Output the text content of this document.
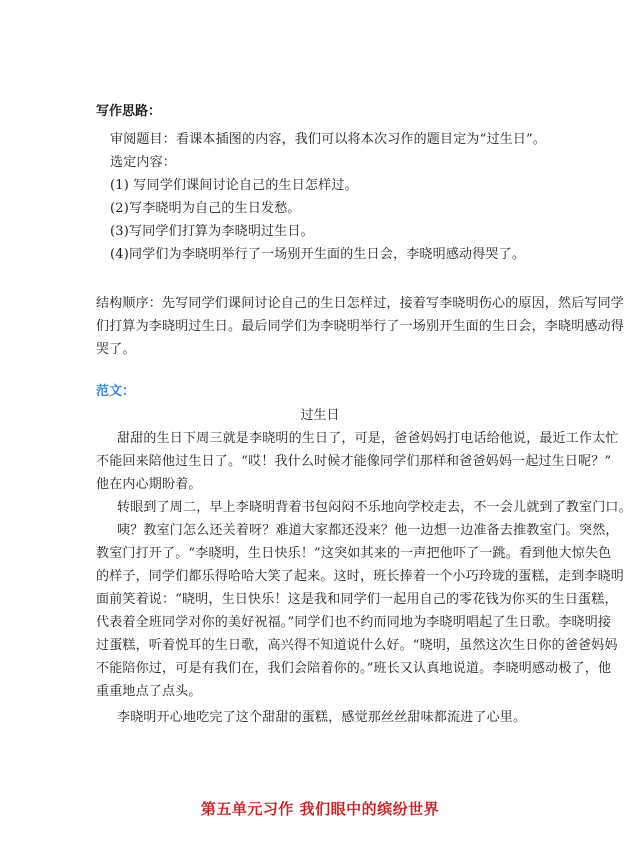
写作思路：
审阅题目：看课本插图的内容，我们可以将本次习作的题目定为“过生日”。
选定内容：
(1) 写同学们课间讨论自己的生日怎样过。
(2)写李晓明为自己的生日发愁。
(3)写同学们打算为李晓明过生日。
(4)同学们为李晓明举行了一场别开生面的生日会，李晓明感动得哭了。
结构顺序：先写同学们课间讨论自己的生日怎样过，接着写李晓明伤心的原因，然后写同学
们打算为李晓明过生日。最后同学们为李晓明举行了一场别开生面的生日会，李晓明感动得
哭了。
范文：
过生日
甜甜的生日下周三就是李晓明的生日了，可是，爸爸妈妈打电话给他说，最近工作太忙
不能回来陪他过生日了。“哎！我什么时候才能像同学们那样和爸爸妈妈一起过生日呢？”
他在内心期盼着。
转眼到了周二，早上李晓明背着书包闷闷不乐地向学校走去，不一会儿就到了教室门口。
咦？教室门怎么还关着呀？难道大家都还没来？他一边想一边准备去推教室门。突然，
教室门打开了。“李晓明，生日快乐！”这突如其来的一声把他吓了一跳。看到他大惊失色
的样子，同学们都乐得哈哈大笑了起来。这时，班长捧着一个小巧玲珑的蛋糕，走到李晓明
面前笑着说：“晓明，生日快乐！这是我和同学们一起用自己的零花钱为你买的生日蛋糕，
代表着全班同学对你的美好祝福。”同学们也不约而同地为李晓明唱起了生日歌。李晓明接
过蛋糕，听着悦耳的生日歌，高兴得不知道说什么好。“晓明，虽然这次生日你的爸爸妈妈
不能陪你过，可是有我们在，我们会陪着你的。”班长又认真地说道。李晓明感动极了，他
重重地点了点头。
李晓明开心地吃完了这个甜甜的蛋糕，感觉那丝丝甜味都流进了心里。
第五单元习作 我们眼中的缤纷世界
